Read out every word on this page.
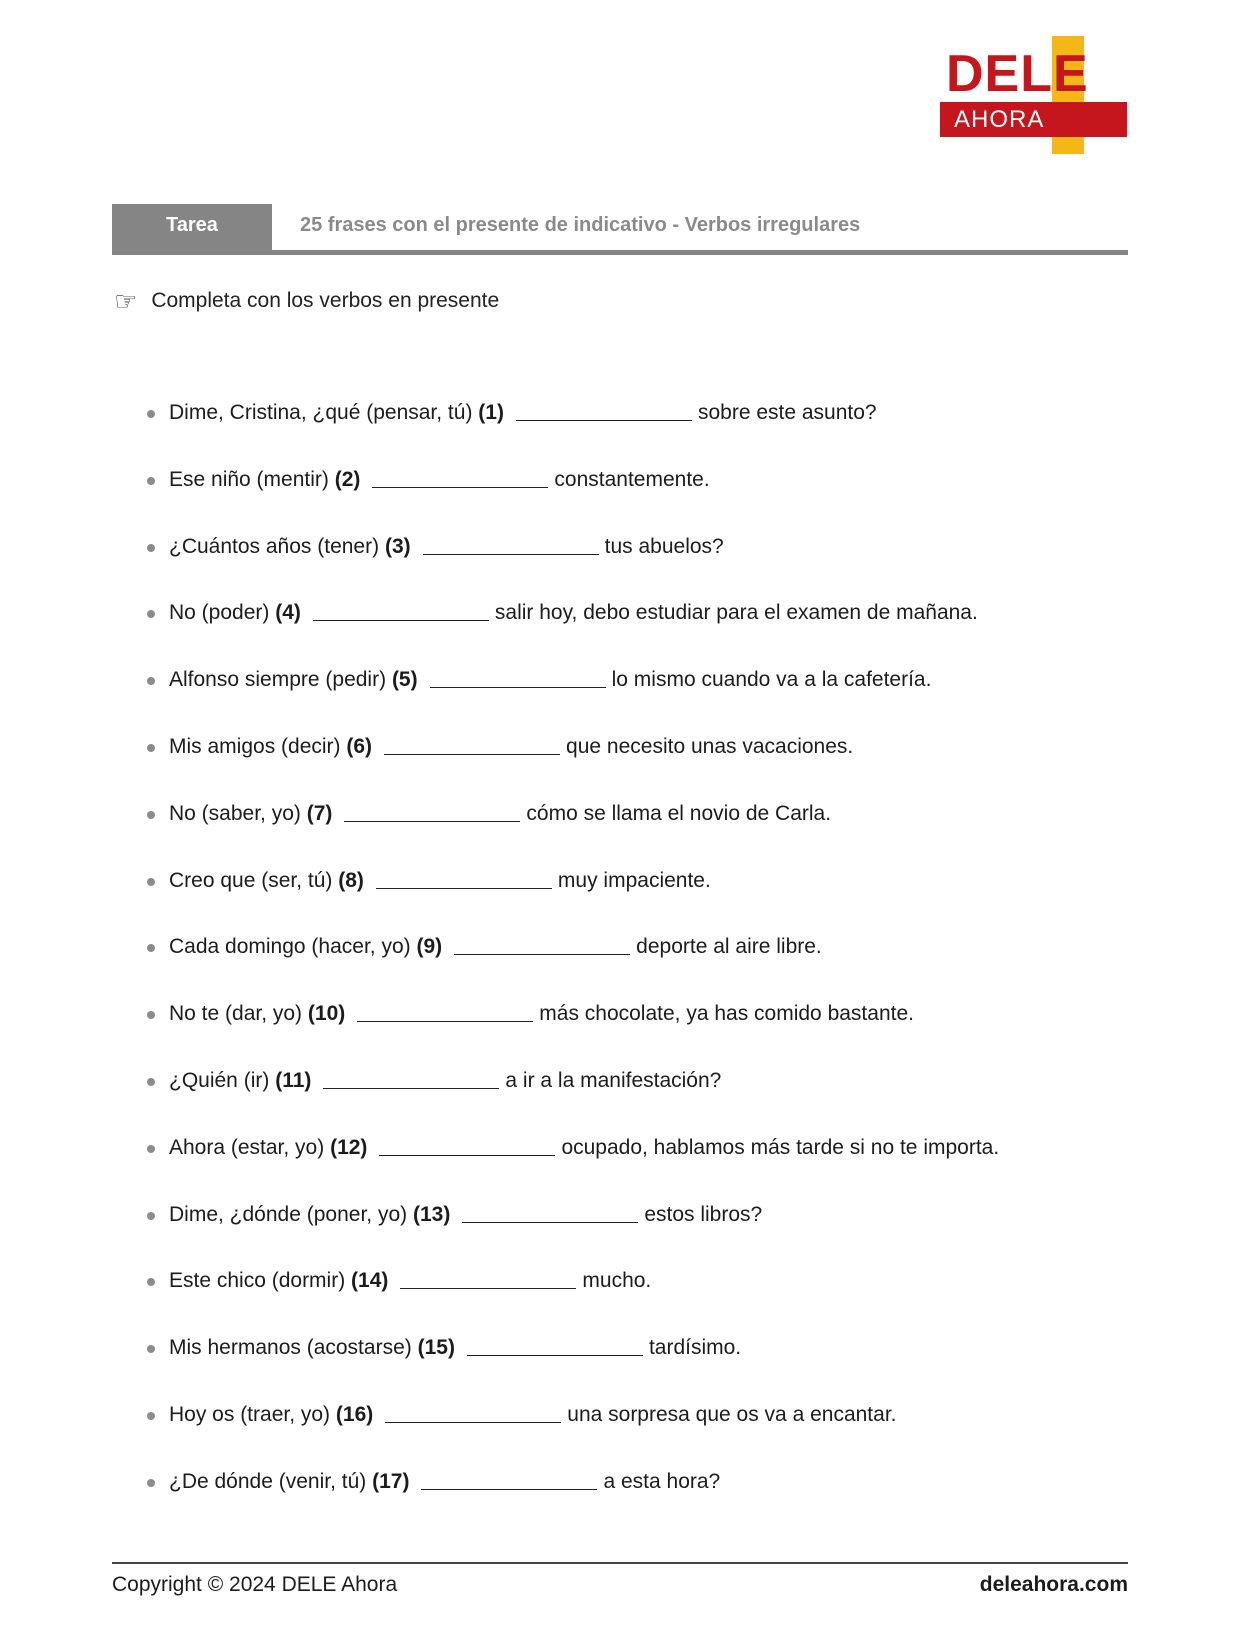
DELE
AHORA
Tarea	25 frases con el presente de indicativo - Verbos irregulares
☞ Completa con los verbos en presente
Dime, Cristina, ¿qué (pensar, tú) (1)	sobre este asunto?
Ese niño (mentir) (2)	constantemente.
¿Cuántos años (tener) (3)	tus abuelos?
No (poder) (4)	salir hoy, debo estudiar para el examen de mañana.
Alfonso siempre (pedir) (5)	lo mismo cuando va a la cafetería.
Mis amigos (decir) (6)	que necesito unas vacaciones.
No (saber, yo) (7)	cómo se llama el novio de Carla.
Creo que (ser, tú) (8)	muy impaciente.
Cada domingo (hacer, yo) (9)	deporte al aire libre.
No te (dar, yo) (10)	más chocolate, ya has comido bastante.
¿Quién (ir) (11)	a ir a la manifestación?
Ahora (estar, yo) (12)	ocupado, hablamos más tarde si no te importa.
Dime, ¿dónde (poner, yo) (13)	estos libros?
Este chico (dormir) (14)	mucho.
Mis hermanos (acostarse) (15)	tardísimo.
Hoy os (traer, yo) (16)	una sorpresa que os va a encantar.
¿De dónde (venir, tú) (17)	a esta hora?
Copyright © 2024 DELE Ahora	deleahora.com
